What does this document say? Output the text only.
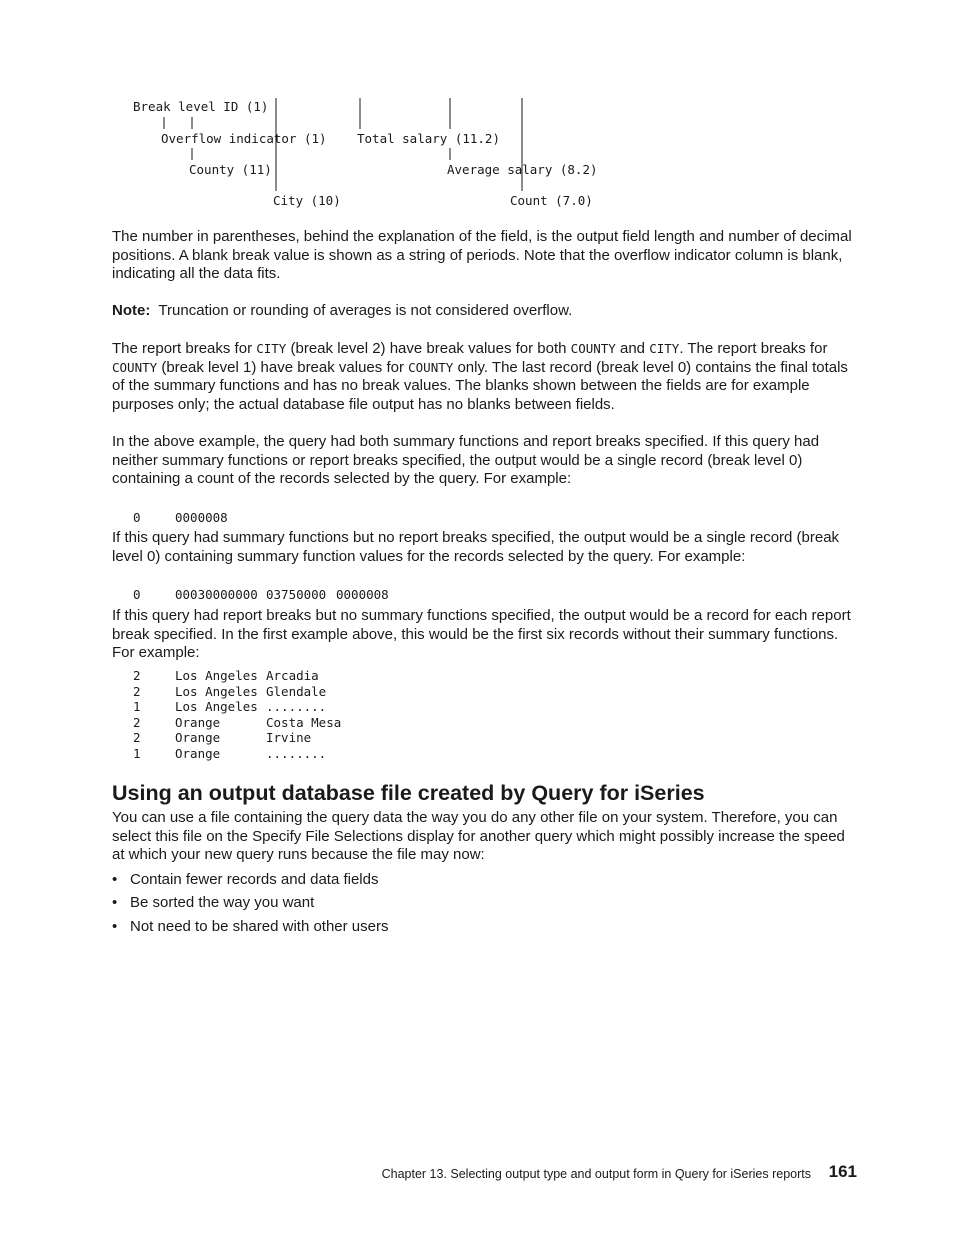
Break level ID (1)
Overflow indicator (1)
County (11)
City (10)
Total salary (11.2)
Average salary (8.2)
Count (7.0)

The number in parentheses, behind the explanation of the field, is the output field length and number of decimal positions. A blank break value is shown as a string of periods. Note that the overflow indicator column is blank, indicating all the data fits.

Note: Truncation or rounding of averages is not considered overflow.

The report breaks for CITY (break level 2) have break values for both COUNTY and CITY. The report breaks for COUNTY (break level 1) have break values for COUNTY only. The last record (break level 0) contains the final totals of the summary functions and has no break values. The blanks shown between the fields are for example purposes only; the actual database file output has no blanks between fields.

In the above example, the query had both summary functions and report breaks specified. If this query had neither summary functions or report breaks specified, the output would be a single record (break level 0) containing a count of the records selected by the query. For example:

0	0000008

If this query had summary functions but no report breaks specified, the output would be a single record (break level 0) containing summary function values for the records selected by the query. For example:

0	00030000000 03750000 0000008

If this query had report breaks but no summary functions specified, the output would be a record for each report break specified. In the first example above, this would be the first six records without their summary functions. For example:

2	Los Angeles Arcadia

2	Los Angeles Glendale

1	Los Angeles ........

2	Orange	Costa Mesa

2	Orange	Irvine

1	Orange	........

Using an output database file created by Query for iSeries

You can use a file containing the query data the way you do any other file on your system. Therefore, you can select this file on the Specify File Selections display for another query which might possibly increase the speed at which your new query runs because the file may now:

• Contain fewer records and data fields
• Be sorted the way you want
• Not need to be shared with other users
Chapter 13. Selecting output type and output form in Query for iSeries reports 161
